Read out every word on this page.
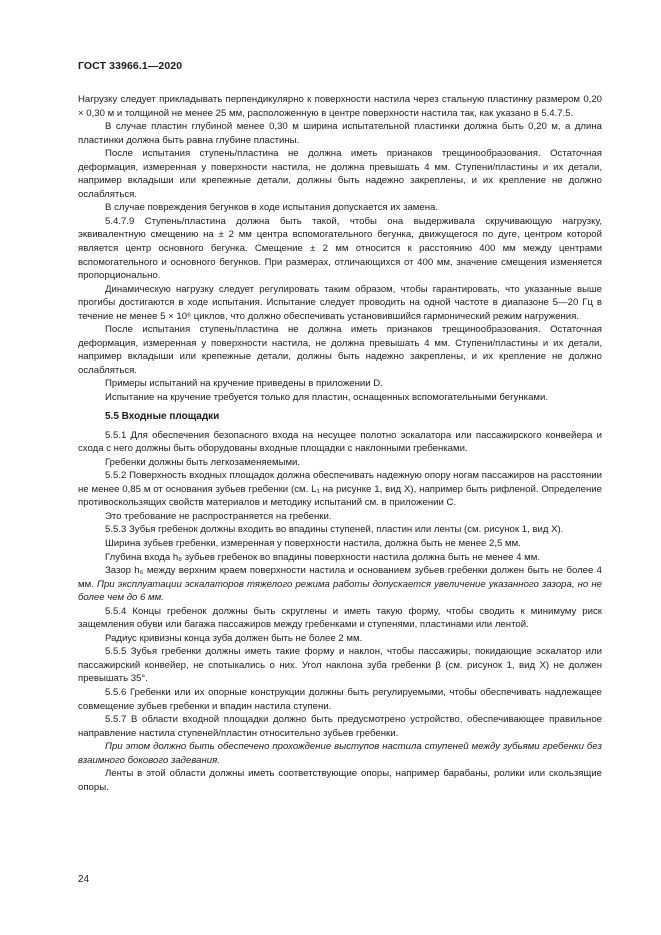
ГОСТ 33966.1—2020

Нагрузку следует прикладывать перпендикулярно к поверхности настила через стальную пластинку размером 0,20 × 0,30 м и толщиной не менее 25 мм, расположенную в центре поверхности настила так, как указано в 5.4.7.5.

В случае пластин глубиной менее 0,30 м ширина испытательной пластинки должна быть 0,20 м, а длина пластинки должна быть равна глубине пластины.

После испытания ступень/пластина не должна иметь признаков трещинообразования. Остаточная деформация, измеренная у поверхности настила, не должна превышать 4 мм. Ступени/пластины и их детали, например вкладыши или крепежные детали, должны быть надежно закреплены, и их крепление не должно ослабляться.

В случае повреждения бегунков в ходе испытания допускается их замена.

5.4.7.9 Ступень/пластина должна быть такой, чтобы она выдерживала скручивающую нагрузку, эквивалентную смещению на ± 2 мм центра вспомогательного бегунка, движущегося по дуге, центром которой является центр основного бегунка. Смещение ± 2 мм относится к расстоянию 400 мм между центрами вспомогательного и основного бегунков. При размерах, отличающихся от 400 мм, значение смещения изменяется пропорционально.

Динамическую нагрузку следует регулировать таким образом, чтобы гарантировать, что указанные выше прогибы достигаются в ходе испытания. Испытание следует проводить на одной частоте в диапазоне 5—20 Гц в течение не менее 5 × 10⁶ циклов, что должно обеспечивать установившийся гармонический режим нагружения.

После испытания ступень/пластина не должна иметь признаков трещинообразования. Остаточная деформация, измеренная у поверхности настила, не должна превышать 4 мм. Ступени/пластины и их детали, например вкладыши или крепежные детали, должны быть надежно закреплены, и их крепление не должно ослабляться.

Примеры испытаний на кручение приведены в приложении D.

Испытание на кручение требуется только для пластин, оснащенных вспомогательными бегунками.

5.5 Входные площадки

5.5.1 Для обеспечения безопасного входа на несущее полотно эскалатора или пассажирского конвейера и схода с него должны быть оборудованы входные площадки с наклонными гребенками.

Гребенки должны быть легкозаменяемыми.

5.5.2 Поверхность входных площадок должна обеспечивать надежную опору ногам пассажиров на расстоянии не менее 0,85 м от основания зубьев гребенки (см. L₁ на рисунке 1, вид X), например быть рифленой. Определение противоскользящих свойств материалов и методику испытаний см. в приложении C.

Это требование не распространяется на гребенки.

5.5.3 Зубья гребенок должны входить во впадины ступеней, пластин или ленты (см. рисунок 1, вид X).

Ширина зубьев гребенки, измеренная у поверхности настила, должна быть не менее 2,5 мм.

Глубина входа h₈ зубьев гребенок во впадины поверхности настила должна быть не менее 4 мм.

Зазор h₆ между верхним краем поверхности настила и основанием зубьев гребенки должен быть не более 4 мм. При эксплуатации эскалаторов тяжелого режима работы допускается увеличение указанного зазора, но не более чем до 6 мм.

5.5.4 Концы гребенок должны быть скруглены и иметь такую форму, чтобы сводить к минимуму риск защемления обуви или багажа пассажиров между гребенками и ступенями, пластинами или лентой.

Радиус кривизны конца зуба должен быть не более 2 мм.

5.5.5 Зубья гребенки должны иметь такие форму и наклон, чтобы пассажиры, покидающие эскалатор или пассажирский конвейер, не спотыкались о них. Угол наклона зуба гребенки β (см. рисунок 1, вид X) не должен превышать 35°.

5.5.6 Гребенки или их опорные конструкции должны быть регулируемыми, чтобы обеспечивать надлежащее совмещение зубьев гребенки и впадин настила ступени.

5.5.7 В области входной площадки должно быть предусмотрено устройство, обеспечивающее правильное направление настила ступеней/пластин относительно зубьев гребенки.

При этом должно быть обеспечено прохождение выступов настила ступеней между зубьями гребенки без взаимного бокового задевания.

Ленты в этой области должны иметь соответствующие опоры, например барабаны, ролики или скользящие опоры.

24
